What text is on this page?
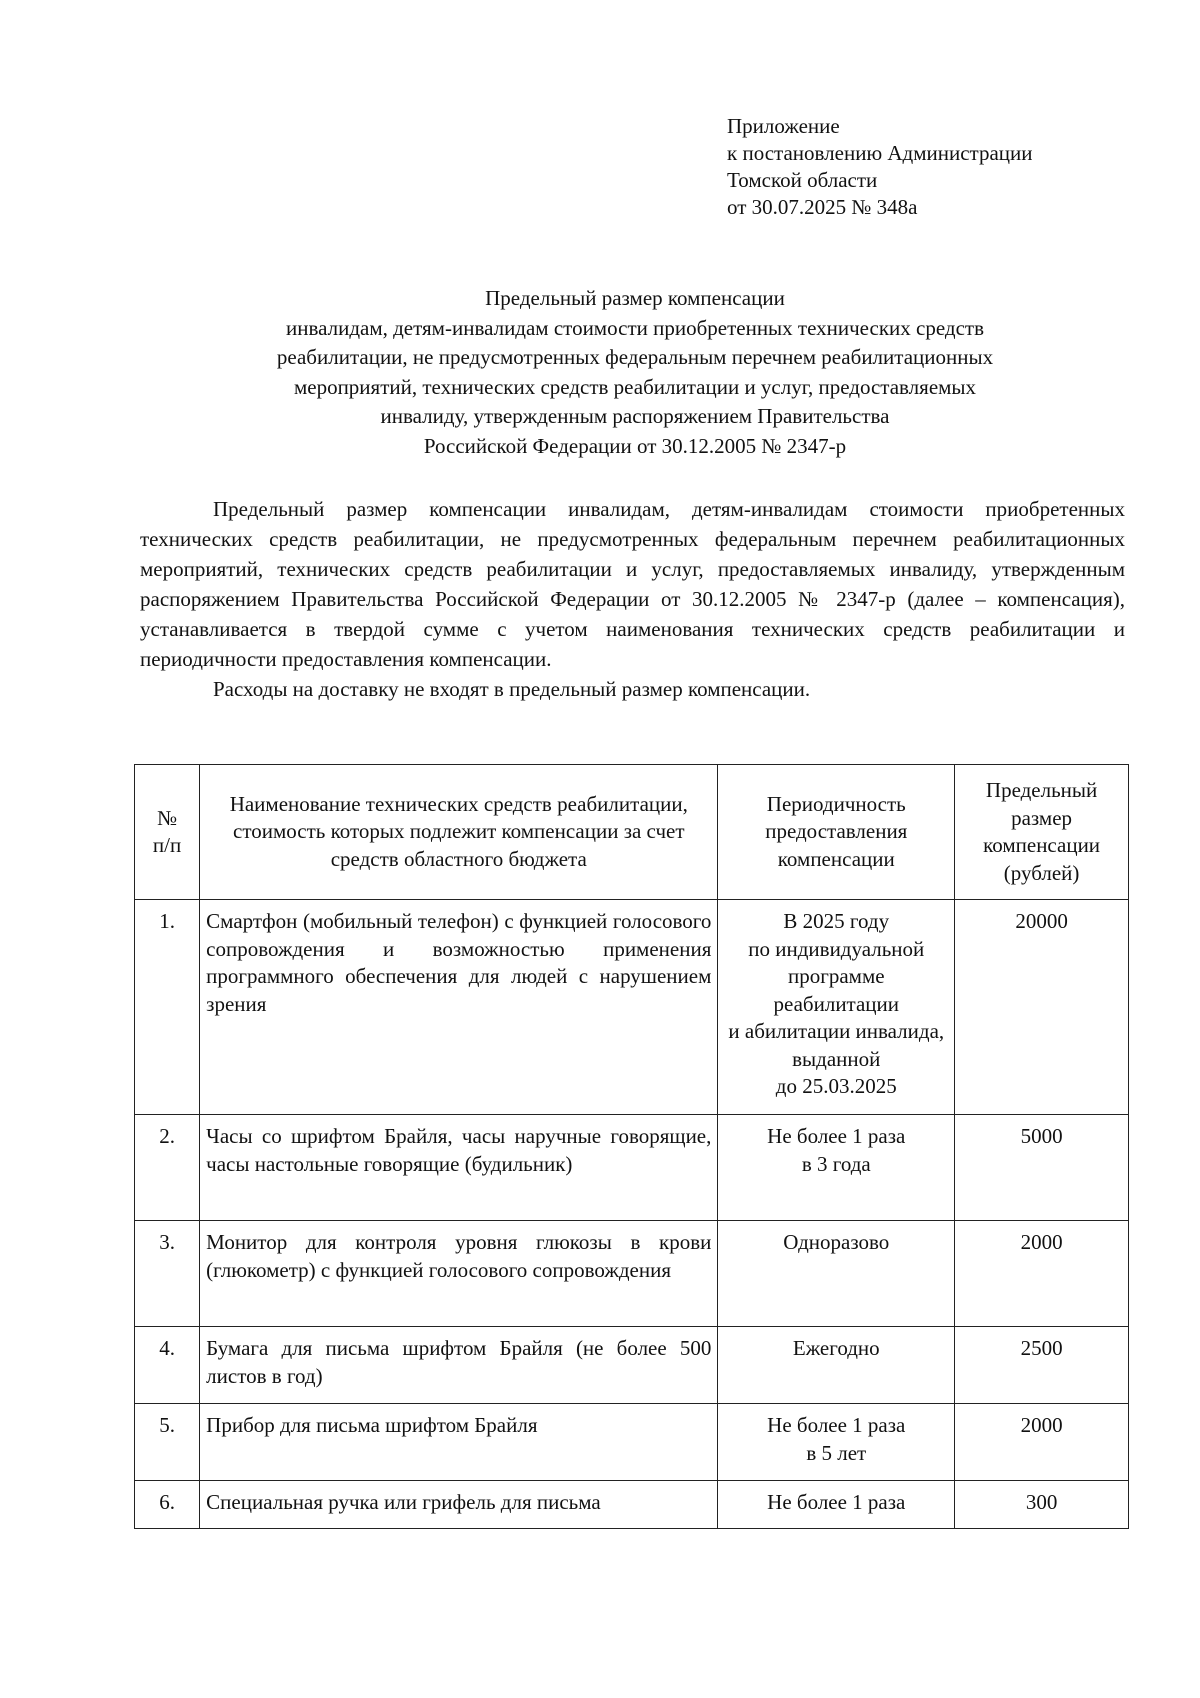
Приложение
к постановлению Администрации
Томской области
от 30.07.2025 № 348а
Предельный размер компенсации
инвалидам, детям-инвалидам стоимости приобретенных технических средств
реабилитации, не предусмотренных федеральным перечнем реабилитационных
мероприятий, технических средств реабилитации и услуг, предоставляемых
инвалиду, утвержденным распоряжением Правительства
Российской Федерации от 30.12.2005 № 2347-р

Предельный размер компенсации инвалидам, детям-инвалидам стоимости приобретенных технических средств реабилитации, не предусмотренных федеральным перечнем реабилитационных мероприятий, технических средств реабилитации и услуг, предоставляемых инвалиду, утвержденным распоряжением Правительства Российской Федерации от 30.12.2005 № 2347-р (далее – компенсация), устанавливается в твердой сумме с учетом наименования технических средств реабилитации и периодичности предоставления компенсации.

Расходы на доставку не входят в предельный размер компенсации.

№
п/п	Наименование технических средств реабилитации, стоимость которых подлежит компенсации за счет средств областного бюджета	Периодичность предоставления компенсации	Предельный размер компенсации (рублей)
1.	Смартфон (мобильный телефон) с функцией голосового сопровождения и возможностью применения программного обеспечения для людей с нарушением зрения	В 2025 году
по индивидуальной программе реабилитации
и абилитации инвалида, выданной
до 25.03.2025	20000
2.	Часы со шрифтом Брайля, часы наручные говорящие, часы настольные говорящие (будильник)	Не более 1 раза
в 3 года	5000
3.	Монитор для контроля уровня глюкозы в крови (глюкометр) с функцией голосового сопровождения	Одноразово	2000
4.	Бумага для письма шрифтом Брайля (не более 500 листов в год)	Ежегодно	2500
5.	Прибор для письма шрифтом Брайля	Не более 1 раза
в 5 лет	2000
6.	Специальная ручка или грифель для письма	Не более 1 раза	300
